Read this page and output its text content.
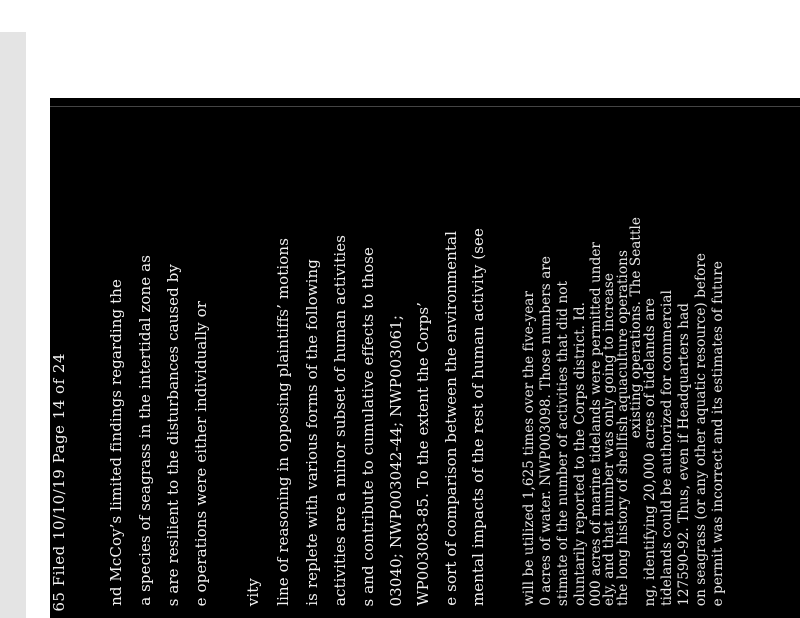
65 Filed 10/10/19 Page 14 of 24	nd McCoy’s limited findings regarding the a species of seagrass in the intertidal zone as s are resilient to the disturbances caused by e operations were either individually or vity line of reasoning in opposing plaintiffs’ motions is replete with various forms of the following activities are a minor subset of human activities s and contribute to cumulative effects to those 03040; NWP003042-44; NWP003061; WP003083-85. To the extent the Corps’ e sort of comparison between the environmental mental impacts of the rest of human activity (see	will be utilized 1,625 times over the five-year 0 acres of water. NWP003098. Those numbers are stimate of the number of activities that did not oluntarily reported to the Corps district. Id. 000 acres of marine tidelands were permitted under
ely, and that number was only going to increase
the long history of shellfish aquaculture operations
existing operations. The Seattle
ng, identifying 20,000 acres of tidelands are tidelands could be authorized for commercial 127590-92. Thus, even if Headquarters had on seagrass (or any other aquatic resource) before e permit was incorrect and its estimates of future
